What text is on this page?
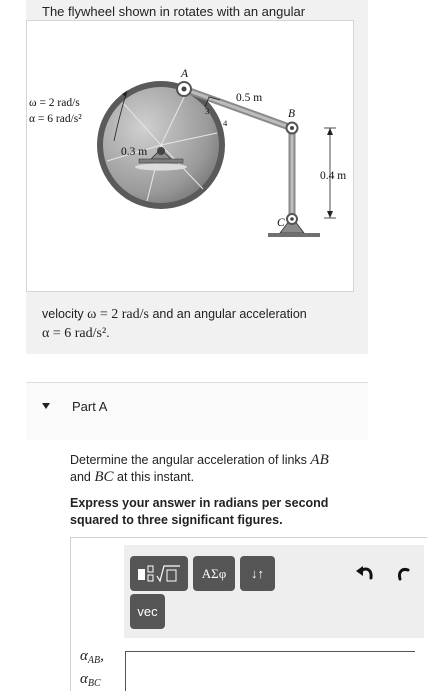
The flywheel shown in rotates with an angular
ω = 2 rad/s
α = 6 rad/s²
A
B
C
0.5 m
0.3 m
0.4 m
3
4
velocity ω = 2 rad/s and an angular acceleration
α = 6 rad/s².
Part A
Determine the angular acceleration of links AB
and BC at this instant.
Express your answer in radians per second squared to three significant figures.
ΑΣφ	↓↑
vec
$\alpha_{AB}$,
$\alpha_{BC}$
